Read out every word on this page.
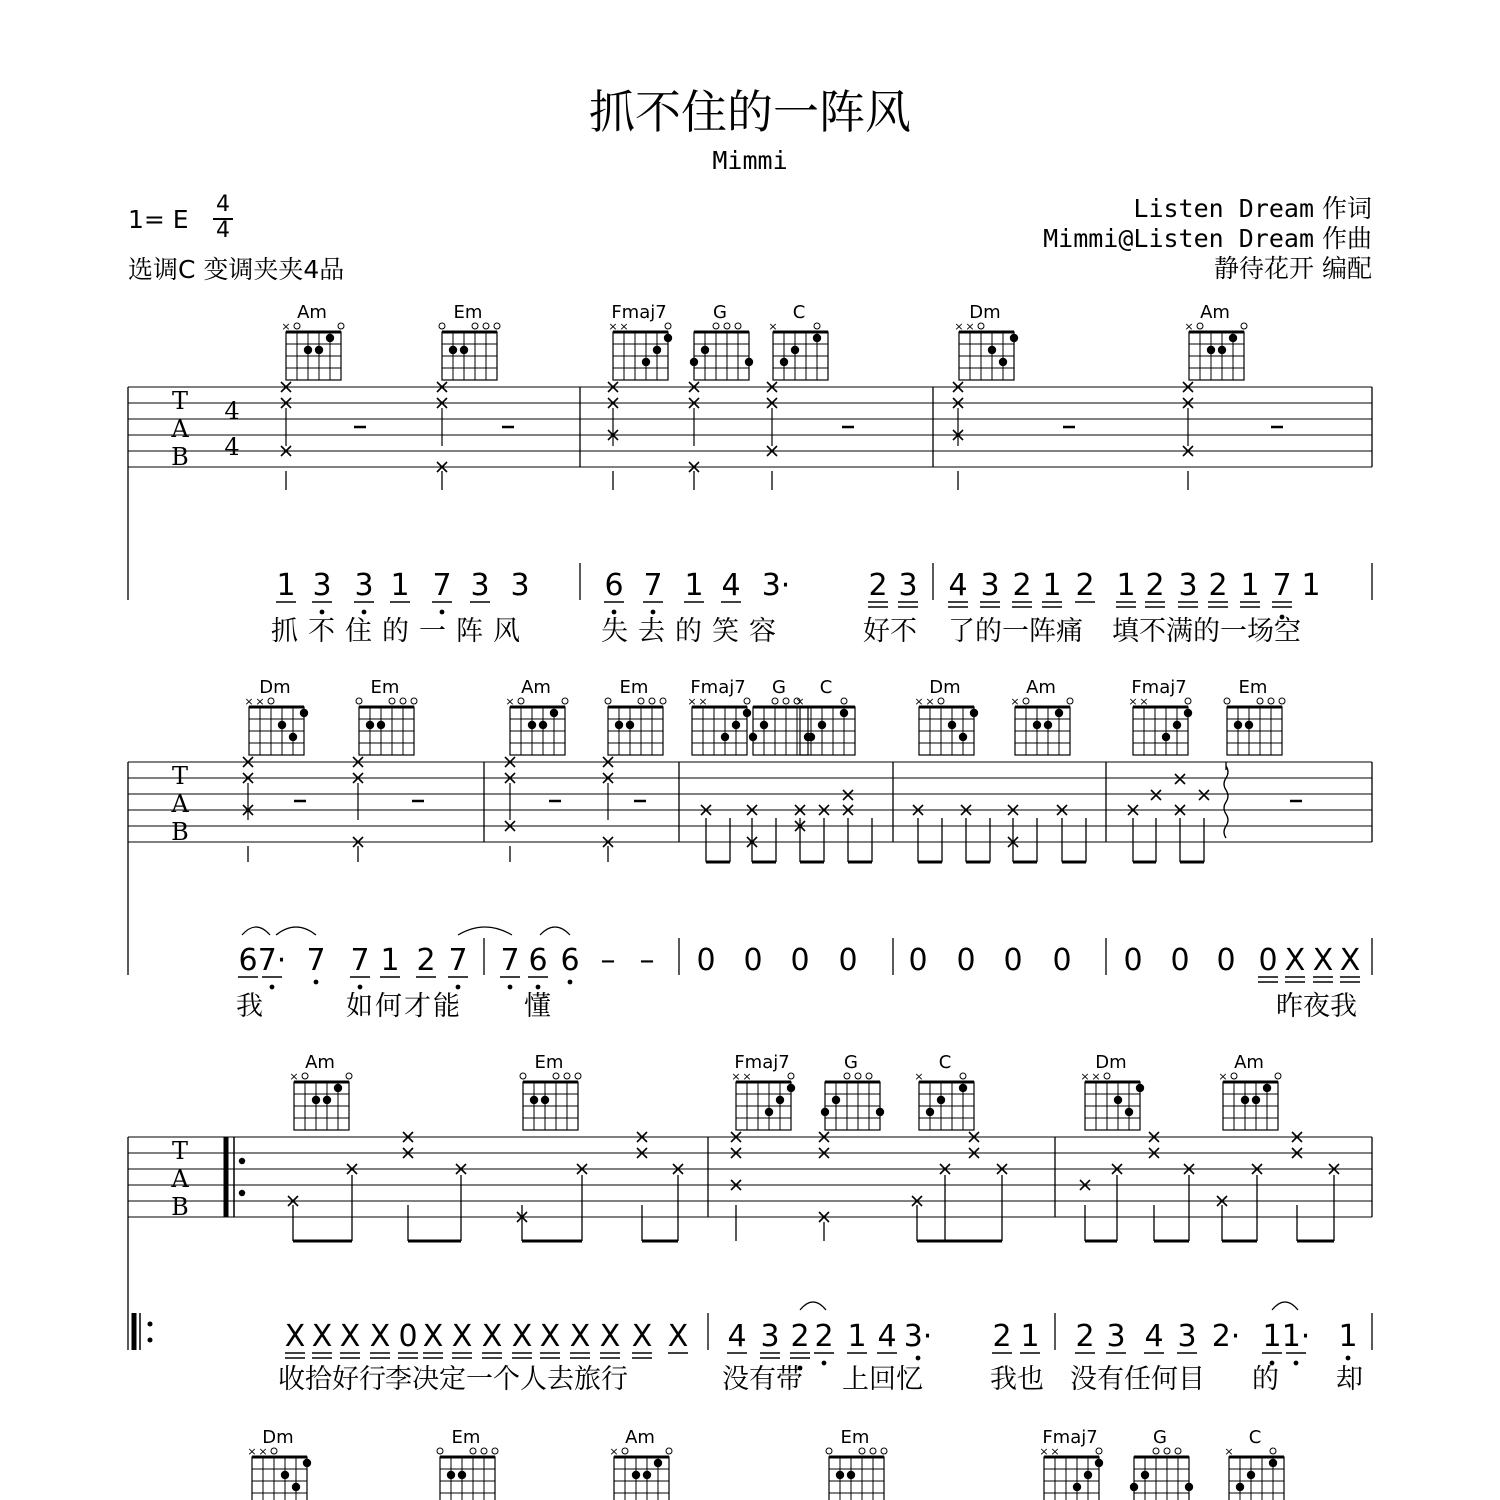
抓不住的一阵风
Mimmi
1= E
4
4
选调C 变调夹夹4品
Listen Dream 作词
Mimmi@Listen Dream 作曲
静待花开 编配
Am
×
Em	Fmaj7
× ×
G	C
×
Dm
× ×
Am
×
T
A
B
4
4
1 3 3 1 7 3 3 6 7 1 4 3·	2 3 4 3 2 1 2 1 2 3 2 1 7 1
抓不住的一阵风	失去的笑容	好不 了的一阵痛 填不满的一场空
Dm
× ×
Em	Am
×
Em Fmaj7
× ×
G C
×
Dm
× ×
Am
×
Fmaj7
× ×
Em
T
A
B
6 7· 7 7 1 2 7 7 6 6 – – 0 0 0 0 0 0 0 0 0 0 0 0 X X X
我	如何才能 懂	昨夜我
Am
×
Em	Fmaj7
× ×
G	C
×
Dm
× ×
Am
×
T
A
B
X X X X 0 X X X X X X X X X 4 3 2 2 1 4 3· 2 1 2 3 4 3 2· 1 1· 1
收拾好行 李决定一个人去旅行	没有带 上回忆 我也 没有任何目 的 却
Dm
× ×
Em	Am
×
Em	Fmaj7
× ×
G	C
×
